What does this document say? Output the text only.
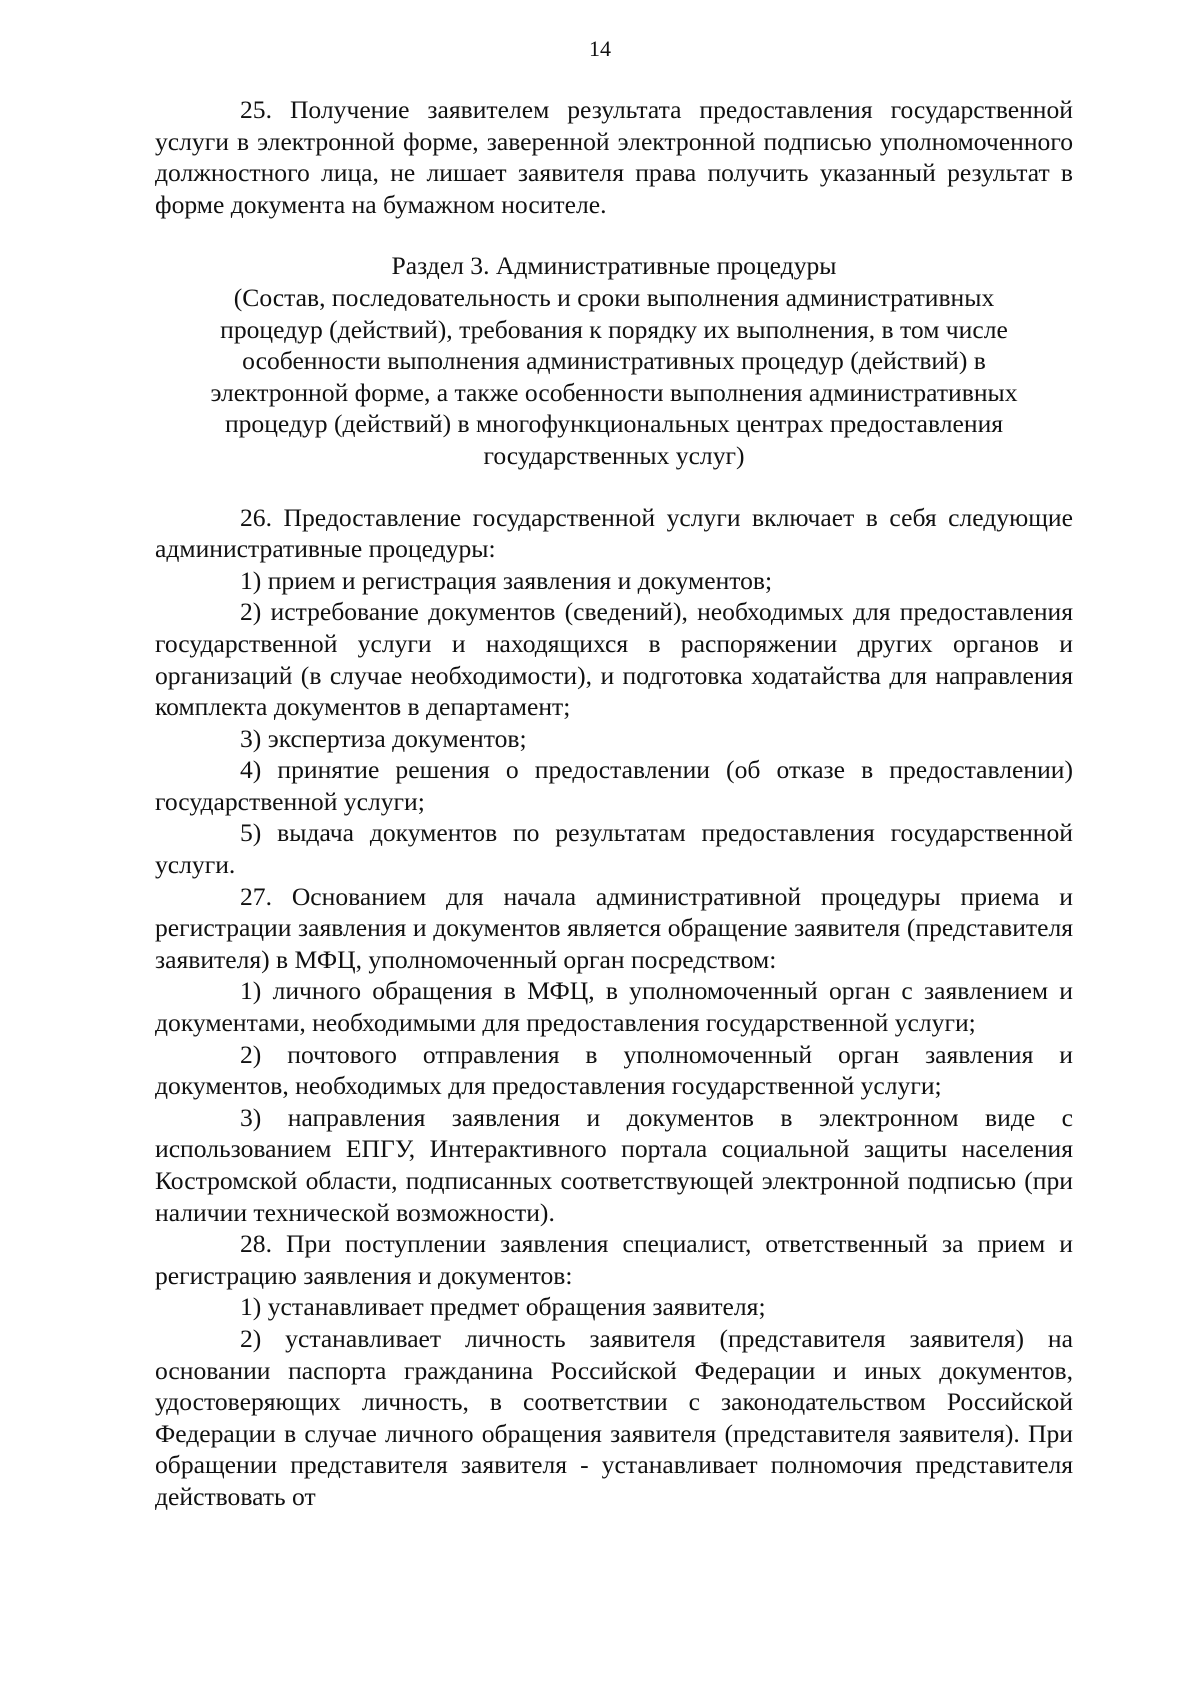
14

25. Получение заявителем результата предоставления государственной услуги в электронной форме, заверенной электронной подписью уполномоченного должностного лица, не лишает заявителя права получить указанный результат в форме документа на бумажном носителе.

Раздел 3. Административные процедуры
(Состав, последовательность и сроки выполнения административных
процедур (действий), требования к порядку их выполнения, в том числе
особенности выполнения административных процедур (действий) в
электронной форме, а также особенности выполнения административных
процедур (действий) в многофункциональных центрах предоставления
государственных услуг)

26. Предоставление государственной услуги включает в себя следующие административные процедуры:

1) прием и регистрация заявления и документов;

2) истребование документов (сведений), необходимых для предоставления государственной услуги и находящихся в распоряжении других органов и организаций (в случае необходимости), и подготовка ходатайства для направления комплекта документов в департамент;

3) экспертиза документов;

4) принятие решения о предоставлении (об отказе в предоставлении) государственной услуги;

5) выдача документов по результатам предоставления государственной услуги.

27. Основанием для начала административной процедуры приема и регистрации заявления и документов является обращение заявителя (представителя заявителя) в МФЦ, уполномоченный орган посредством:

1) личного обращения в МФЦ, в уполномоченный орган с заявлением и документами, необходимыми для предоставления государственной услуги;

2) почтового отправления в уполномоченный орган заявления и документов, необходимых для предоставления государственной услуги;

3) направления заявления и документов в электронном виде с использованием ЕПГУ, Интерактивного портала социальной защиты населения Костромской области, подписанных соответствующей электронной подписью (при наличии технической возможности).

28. При поступлении заявления специалист, ответственный за прием и регистрацию заявления и документов:

1) устанавливает предмет обращения заявителя;

2) устанавливает личность заявителя (представителя заявителя) на основании паспорта гражданина Российской Федерации и иных документов, удостоверяющих личность, в соответствии с законодательством Российской Федерации в случае личного обращения заявителя (представителя заявителя). При обращении представителя заявителя - устанавливает полномочия представителя действовать от
